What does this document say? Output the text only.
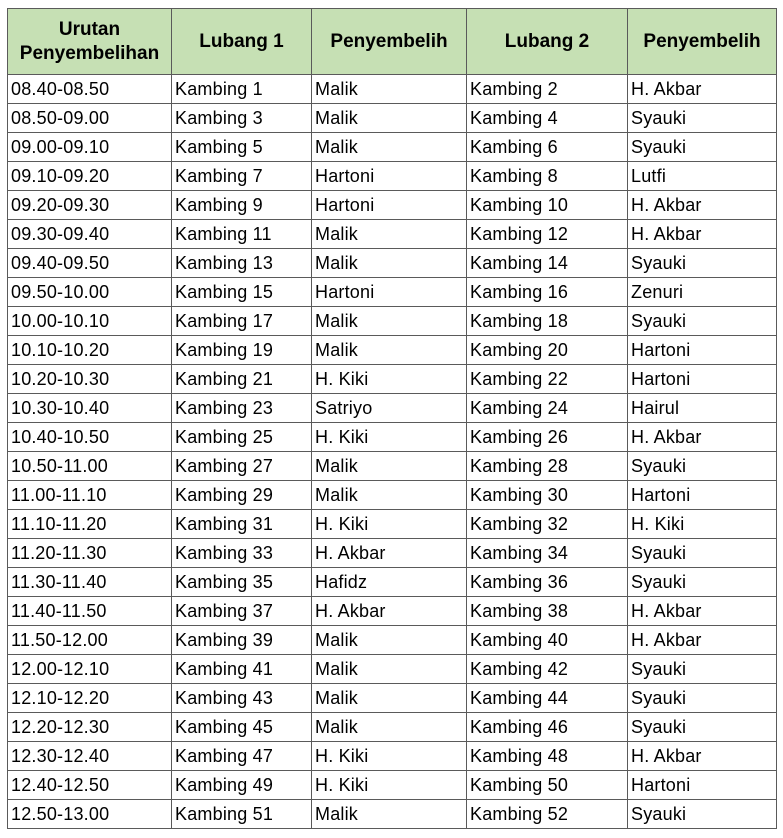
Urutan
Penyembelihan	Lubang 1	Penyembelih	Lubang 2	Penyembelih

08.40-08.50	Kambing 1	Malik	Kambing 2	H. Akbar
08.50-09.00	Kambing 3	Malik	Kambing 4	Syauki
09.00-09.10	Kambing 5	Malik	Kambing 6	Syauki
09.10-09.20	Kambing 7	Hartoni	Kambing 8	Lutfi
09.20-09.30	Kambing 9	Hartoni	Kambing 10	H. Akbar
09.30-09.40	Kambing 11	Malik	Kambing 12	H. Akbar
09.40-09.50	Kambing 13	Malik	Kambing 14	Syauki
09.50-10.00	Kambing 15	Hartoni	Kambing 16	Zenuri
10.00-10.10	Kambing 17	Malik	Kambing 18	Syauki
10.10-10.20	Kambing 19	Malik	Kambing 20	Hartoni
10.20-10.30	Kambing 21	H. Kiki	Kambing 22	Hartoni
10.30-10.40	Kambing 23	Satriyo	Kambing 24	Hairul
10.40-10.50	Kambing 25	H. Kiki	Kambing 26	H. Akbar
10.50-11.00	Kambing 27	Malik	Kambing 28	Syauki
11.00-11.10	Kambing 29	Malik	Kambing 30	Hartoni
11.10-11.20	Kambing 31	H. Kiki	Kambing 32	H. Kiki
11.20-11.30	Kambing 33	H. Akbar	Kambing 34	Syauki
11.30-11.40	Kambing 35	Hafidz	Kambing 36	Syauki
11.40-11.50	Kambing 37	H. Akbar	Kambing 38	H. Akbar
11.50-12.00	Kambing 39	Malik	Kambing 40	H. Akbar
12.00-12.10	Kambing 41	Malik	Kambing 42	Syauki
12.10-12.20	Kambing 43	Malik	Kambing 44	Syauki
12.20-12.30	Kambing 45	Malik	Kambing 46	Syauki
12.30-12.40	Kambing 47	H. Kiki	Kambing 48	H. Akbar
12.40-12.50	Kambing 49	H. Kiki	Kambing 50	Hartoni
12.50-13.00	Kambing 51	Malik	Kambing 52	Syauki
